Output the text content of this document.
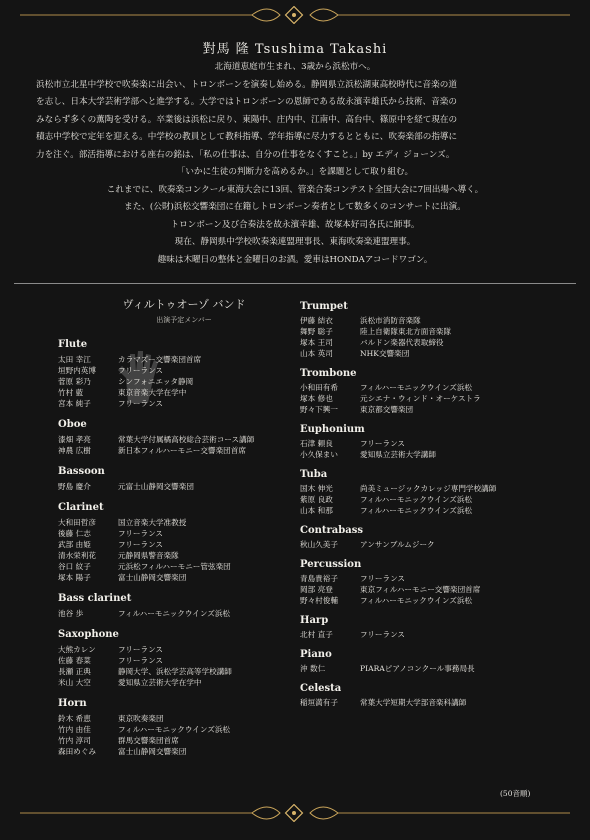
對馬 隆 Tsushima Takashi
北海道恵庭市生まれ、3歳から浜松市へ。
浜松市立北星中学校で吹奏楽に出会い、トロンボーンを演奏し始める。静岡県立浜松湖東高校時代に音楽の道
を志し、日本大学芸術学部へと進学する。大学ではトロンボーンの恩師である故永濱幸雄氏から技術、音楽の
みならず多くの薫陶を受ける。卒業後は浜松に戻り、東陽中、庄内中、江南中、高台中、篠原中を経て現在の
積志中学校で定年を迎える。中学校の教員として教科指導、学年指導に尽力するとともに、吹奏楽部の指導に
力を注ぐ。部活指導における座右の銘は、「私の仕事は、自分の仕事をなくすこと。」by エディ ジョーンズ。
「いかに生徒の判断力を高めるか。」を課題として取り組む。
これまでに、吹奏楽コンクール東海大会に13回、管楽合奏コンテスト全国大会に7回出場へ導く。
また、(公財)浜松交響楽団に在籍しトロンボーン奏者として数多くのコンサートに出演。
トロンボーン及び合奏法を故永濱幸雄、故塚本好司各氏に師事。
現在、静岡県中学校吹奏楽連盟理事長、東海吹奏楽連盟理事。
趣味は木曜日の整体と金曜日のお酒。愛車はHONDAアコードワゴン。
ヴィルトゥオーゾ バンド
出演予定メンバー
Flute
太田 幸江	カラマズー交響楽団首席
垣野内英博	フリーランス
菅原 彩乃	シンフォニエッタ静岡
竹村 藍	東京音楽大学在学中
宮本 純子	フリーランス
Oboe
漆畑 孝亮	常葉大学付属橘高校総合芸術コース講師
神農 広樹	新日本フィルハーモニー交響楽団首席
Bassoon
野島 慶介	元富士山静岡交響楽団
Clarinet
大和田哲彦	国立音楽大学准教授
後藤 仁志	フリーランス
武部 由姫	フリーランス
清水栄利花	元静岡県警音楽隊
谷口 紋子	元浜松フィルハーモニー管弦楽団
塚本 陽子	富士山静岡交響楽団
Bass clarinet
池谷 歩	フィルハーモニックウインズ浜松
Saxophone
大熊カレン	フリーランス
佐藤 春菜	フリーランス
長瀬 正典	静岡大学、浜松学芸高等学校講師
米山 大空	愛知県立芸術大学在学中
Horn
鈴木 希恵	東京吹奏楽団
竹内 由佳	フィルハーモニックウインズ浜松
竹内 淳司	群馬交響楽団首席
森田めぐみ	富士山静岡交響楽団
Trumpet
伊藤 結衣	浜松市消防音楽隊
舞野 聡子	陸上自衛隊東北方面音楽隊
塚本 王司	バルドン楽器代表取締役
山本 英司	NHK交響楽団
Trombone
小和田有希	フィルハーモニックウインズ浜松
塚本 修也	元シエナ・ウィンド・オーケストラ
野々下興一	東京都交響楽団
Euphonium
石津 頼良	フリーランス
小久保まい	愛知県立芸術大学講師
Tuba
国木 伸光	尚美ミュージックカレッジ専門学校講師
紫原 良政	フィルハーモニックウインズ浜松
山本 和那	フィルハーモニックウインズ浜松
Contrabass
秋山久美子	アンサンブルムジーク
Percussion
青島貴裕子	フリーランス
岡部 亮登	東京フィルハーモニー交響楽団首席
野々村俊輔	フィルハーモニックウインズ浜松
Harp
北村 直子	フリーランス
Piano
沖 数仁	PIARAピアノコンクール事務局長
Celesta
稲垣満有子	常葉大学短期大学部音楽科講師
(50音順)
